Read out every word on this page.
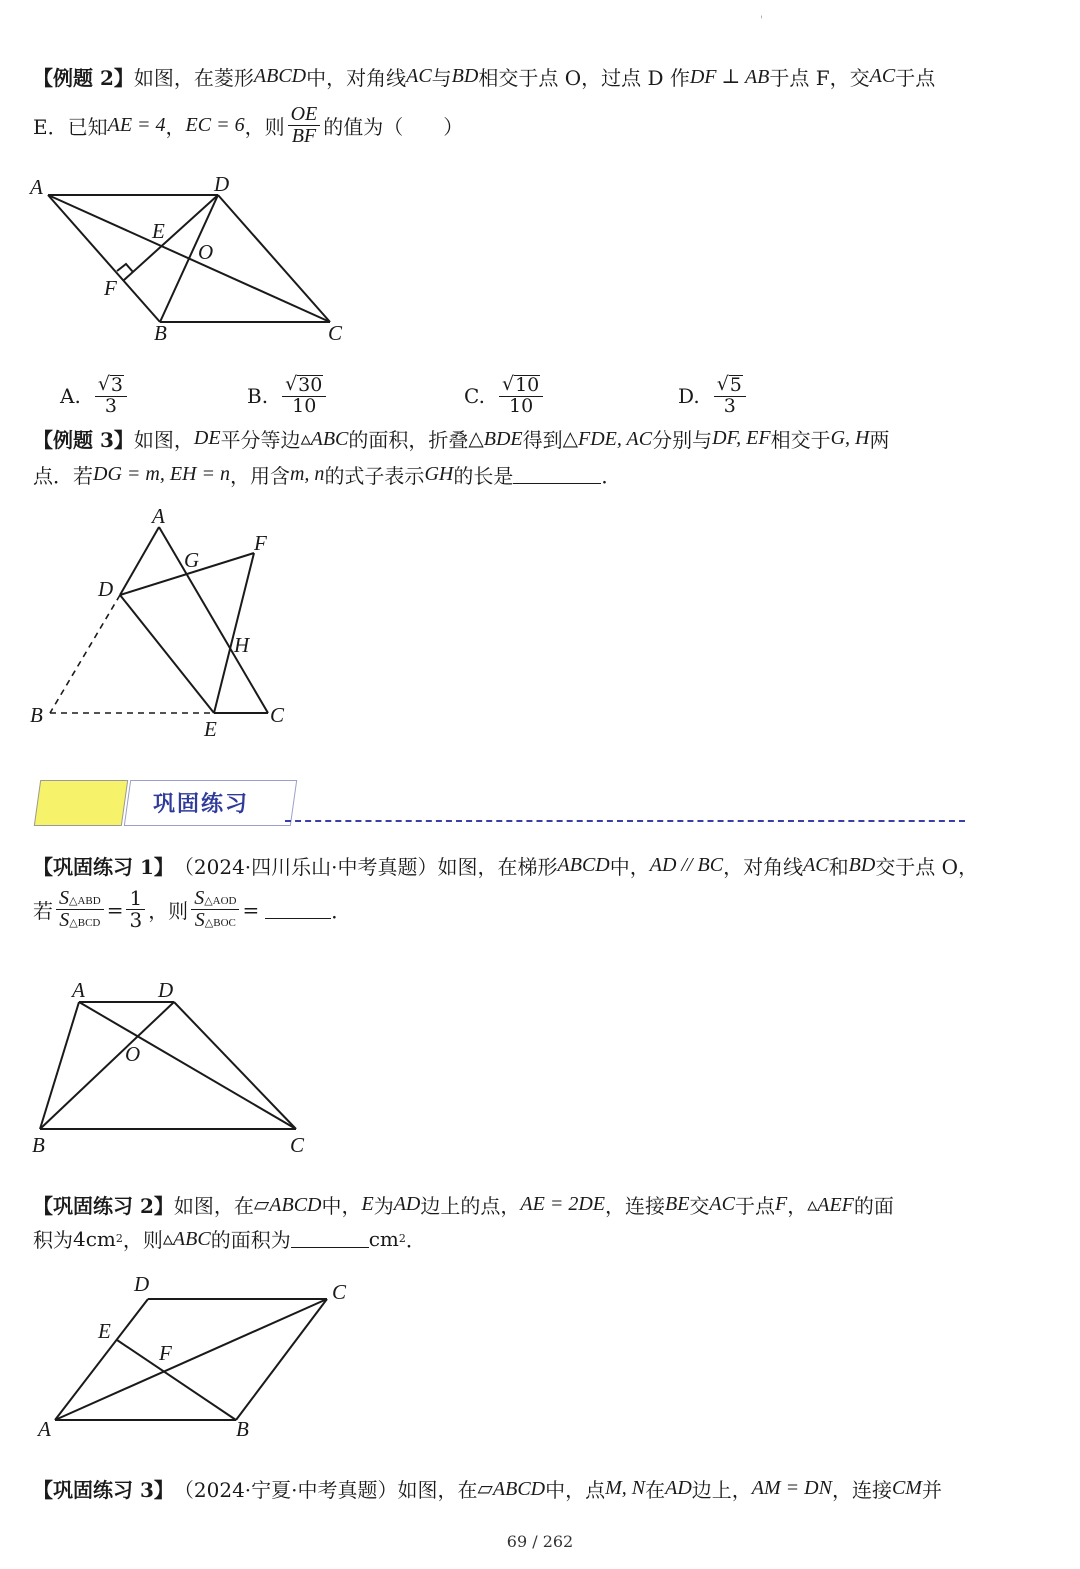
'
【例题 2】 如图，在菱形 ABCD 中，对角线 AC 与 BD 相交于点 O，过点 D 作 DF ⊥ AB 于点 F，交 AC 于点
E．已知 AE = 4 ， EC = 6 ，则 $\frac{OE}{BF}$ 的值为（　　）
A	D
E
O
F
B	C
A. $\frac{√ 3}{3}$	B. $\frac{√ 30}{10}$	C. $\frac{√ 10}{10}$	D. $\frac{√ 5}{3}$
【例题 3】 如图， DE 平分等边 ▵ABC 的面积，折叠 △BDE 得到 △FDE, AC 分别与 DF, EF 相交于 G, H 两
点．若 DG = m, EH = n ，用含 m, n 的式子表示 GH 的长是	．
A
G
F
D
H
B
E
C
巩固练习
【巩固练习 1】 （2024·四川乐山·中考真题）如图，在梯形 ABCD 中， AD // BC ，对角线 AC 和 BD 交于点 O，
若 $\frac{\text{S△ABD}}{\text{S△BCD}} = \frac{1}{3}$ ，则 $\frac{\text{S△AOD}}{\text{S△BOC}}$ =	．
A	D
O
B	C
【巩固练习 2】 如图，在 ▱ABCD 中， E 为 AD 边上的点， AE = 2DE ，连接 BE 交 AC 于点 F ， ▵AEF 的面
积为 4cm 2 ，则 ▵ABC 的面积为	cm 2 ．
D	C
E
F
A	B
【巩固练习 3】 （2024·宁夏·中考真题）如图，在 ▱ABCD 中，点 M, N 在 AD 边上， AM = DN ，连接 CM 并
69 / 262
